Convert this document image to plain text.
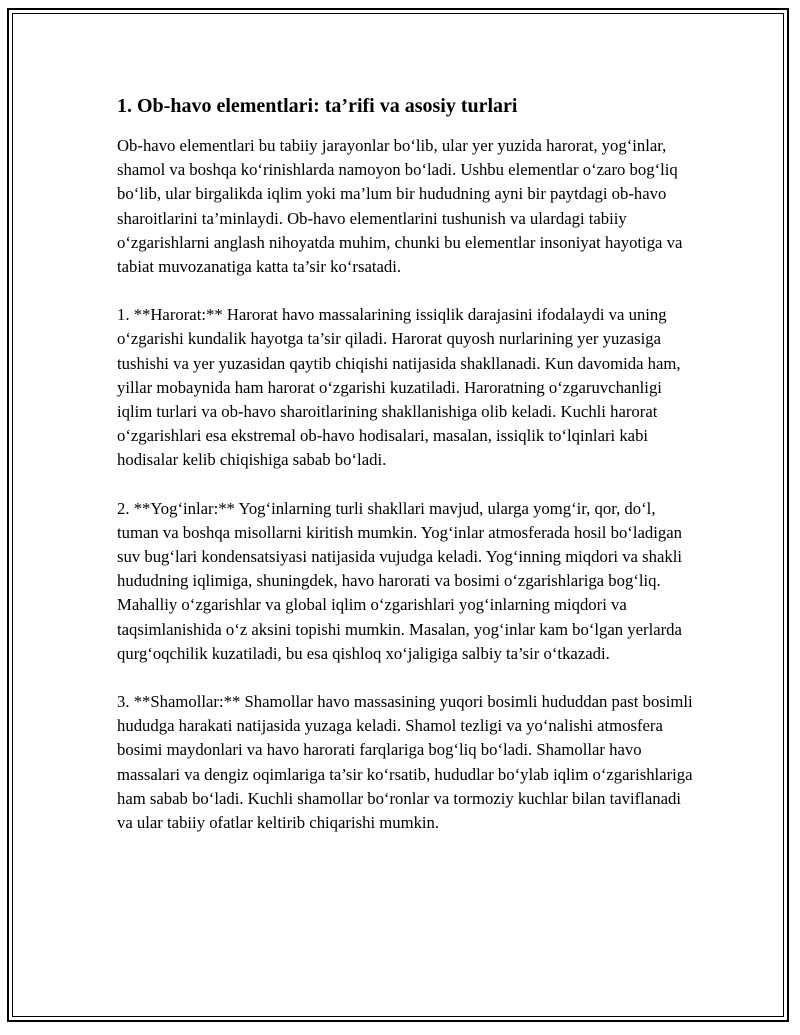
1. Ob-havo elementlari: ta’rifi va asosiy turlari

Ob-havo elementlari bu tabiiy jarayonlar bo‘lib, ular yer yuzida harorat, yog‘inlar, shamol va boshqa ko‘rinishlarda namoyon bo‘ladi. Ushbu elementlar o‘zaro bog‘liq bo‘lib, ular birgalikda iqlim yoki ma’lum bir hududning ayni bir paytdagi ob-havo sharoitlarini ta’minlaydi. Ob-havo elementlarini tushunish va ulardagi tabiiy o‘zgarishlarni anglash nihoyatda muhim, chunki bu elementlar insoniyat hayotiga va tabiat muvozanatiga katta ta’sir ko‘rsatadi.

1. **Harorat:** Harorat havo massalarining issiqlik darajasini ifodalaydi va uning o‘zgarishi kundalik hayotga ta’sir qiladi. Harorat quyosh nurlarining yer yuzasiga tushishi va yer yuzasidan qaytib chiqishi natijasida shakllanadi. Kun davomida ham, yillar mobaynida ham harorat o‘zgarishi kuzatiladi. Haroratning o‘zgaruvchanligi iqlim turlari va ob-havo sharoitlarining shakllanishiga olib keladi. Kuchli harorat o‘zgarishlari esa ekstremal ob-havo hodisalari, masalan, issiqlik to‘lqinlari kabi hodisalar kelib chiqishiga sabab bo‘ladi.

2. **Yog‘inlar:** Yog‘inlarning turli shakllari mavjud, ularga yomg‘ir, qor, do‘l, tuman va boshqa misollarni kiritish mumkin. Yog‘inlar atmosferada hosil bo‘ladigan suv bug‘lari kondensatsiyasi natijasida vujudga keladi. Yog‘inning miqdori va shakli hududning iqlimiga, shuningdek, havo harorati va bosimi o‘zgarishlariga bog‘liq. Mahalliy o‘zgarishlar va global iqlim o‘zgarishlari yog‘inlarning miqdori va taqsimlanishida o‘z aksini topishi mumkin. Masalan, yog‘inlar kam bo‘lgan yerlarda qurg‘oqchilik kuzatiladi, bu esa qishloq xo‘jaligiga salbiy ta’sir o‘tkazadi.

3. **Shamollar:** Shamollar havo massasining yuqori bosimli hududdan past bosimli hududga harakati natijasida yuzaga keladi. Shamol tezligi va yo‘nalishi atmosfera bosimi maydonlari va havo harorati farqlariga bog‘liq bo‘ladi. Shamollar havo massalari va dengiz oqimlariga ta’sir ko‘rsatib, hududlar bo‘ylab iqlim o‘zgarishlariga ham sabab bo‘ladi. Kuchli shamollar bo‘ronlar va tormoziy kuchlar bilan taviflanadi va ular tabiiy ofatlar keltirib chiqarishi mumkin.
